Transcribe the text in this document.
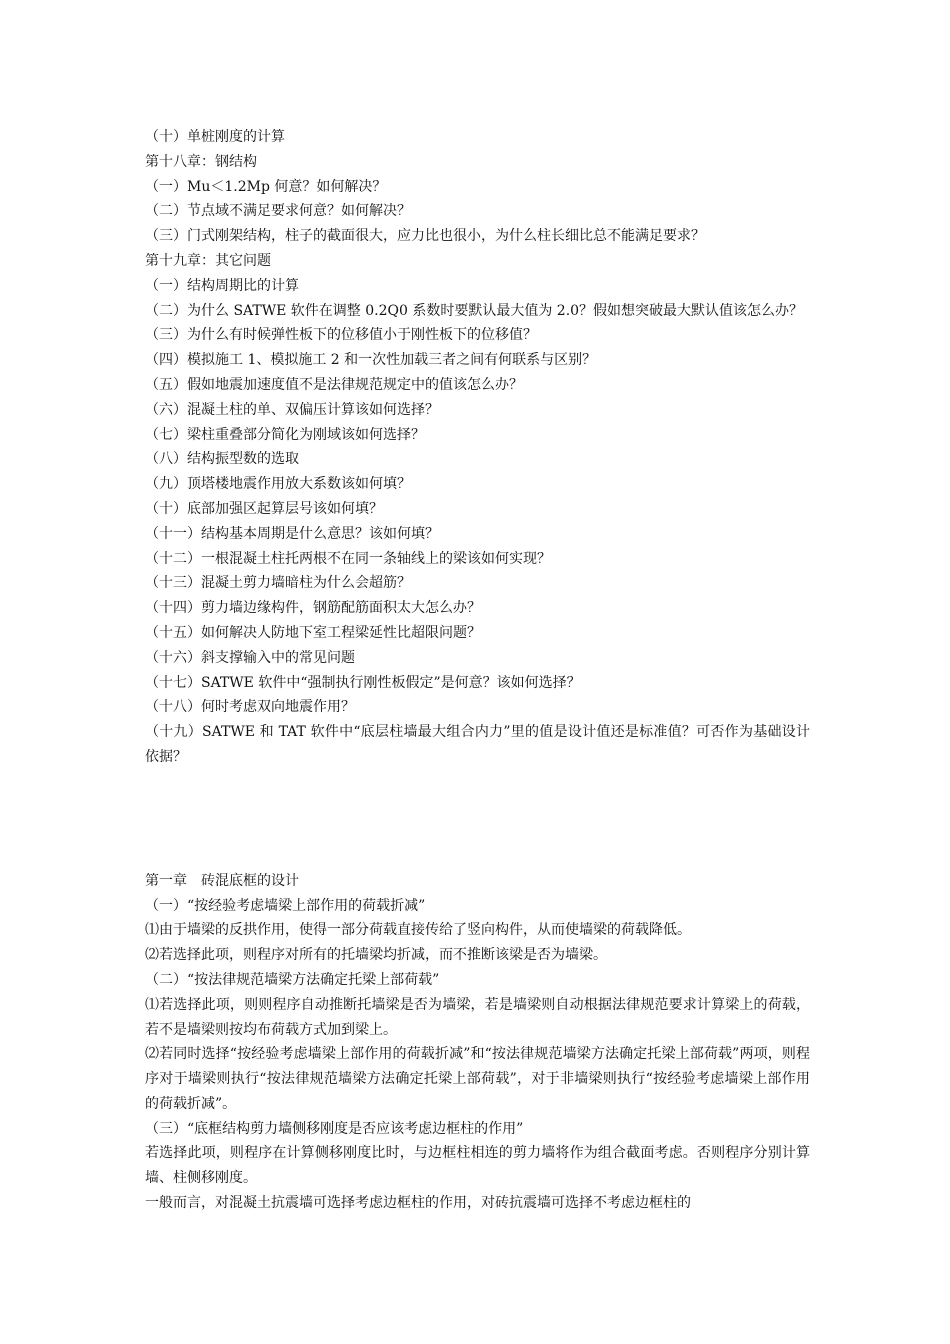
（十）单桩刚度的计算

第十八章：钢结构

（一）Mu＜1.2Mp 何意？如何解决？

（二）节点域不满足要求何意？如何解决？

（三）门式刚架结构，柱子的截面很大，应力比也很小，为什么柱长细比总不能满足要求？

第十九章：其它问题

（一）结构周期比的计算

（二）为什么 SATWE 软件在调整 0.2Q0 系数时要默认最大值为 2.0？假如想突破最大默认值该怎么办？

（三）为什么有时候弹性板下的位移值小于刚性板下的位移值？

（四）模拟施工 1、模拟施工 2 和一次性加载三者之间有何联系与区别？

（五）假如地震加速度值不是法律规范规定中的值该怎么办？

（六）混凝土柱的单、双偏压计算该如何选择？

（七）梁柱重叠部分简化为刚域该如何选择？

（八）结构振型数的选取

（九）顶塔楼地震作用放大系数该如何填？

（十）底部加强区起算层号该如何填？

（十一）结构基本周期是什么意思？该如何填？

（十二）一根混凝土柱托两根不在同一条轴线上的梁该如何实现？

（十三）混凝土剪力墙暗柱为什么会超筋？

（十四）剪力墙边缘构件，钢筋配筋面积太大怎么办？

（十五）如何解决人防地下室工程梁延性比超限问题？

（十六）斜支撑输入中的常见问题

（十七）SATWE 软件中“强制执行刚性板假定”是何意？该如何选择？

（十八）何时考虑双向地震作用？

（十九）SATWE 和 TAT 软件中“底层柱墙最大组合内力”里的值是设计值还是标准值？可否作为基础设计依据？

第一章　砖混底框的设计

（一）“按经验考虑墙梁上部作用的荷载折减”

⑴由于墙梁的反拱作用，使得一部分荷载直接传给了竖向构件，从而使墙梁的荷载降低。

⑵若选择此项，则程序对所有的托墙梁均折减，而不推断该梁是否为墙梁。

（二）“按法律规范墙梁方法确定托梁上部荷载”

⑴若选择此项，则则程序自动推断托墙梁是否为墙梁，若是墙梁则自动根据法律规范要求计算梁上的荷载，若不是墙梁则按均布荷载方式加到梁上。

⑵若同时选择“按经验考虑墙梁上部作用的荷载折减”和“按法律规范墙梁方法确定托梁上部荷载”两项，则程序对于墙梁则执行“按法律规范墙梁方法确定托梁上部荷载”，对于非墙梁则执行“按经验考虑墙梁上部作用的荷载折减”。

（三）“底框结构剪力墙侧移刚度是否应该考虑边框柱的作用”

若选择此项，则程序在计算侧移刚度比时，与边框柱相连的剪力墙将作为组合截面考虑。否则程序分别计算墙、柱侧移刚度。

一般而言，对混凝土抗震墙可选择考虑边框柱的作用，对砖抗震墙可选择不考虑边框柱的
